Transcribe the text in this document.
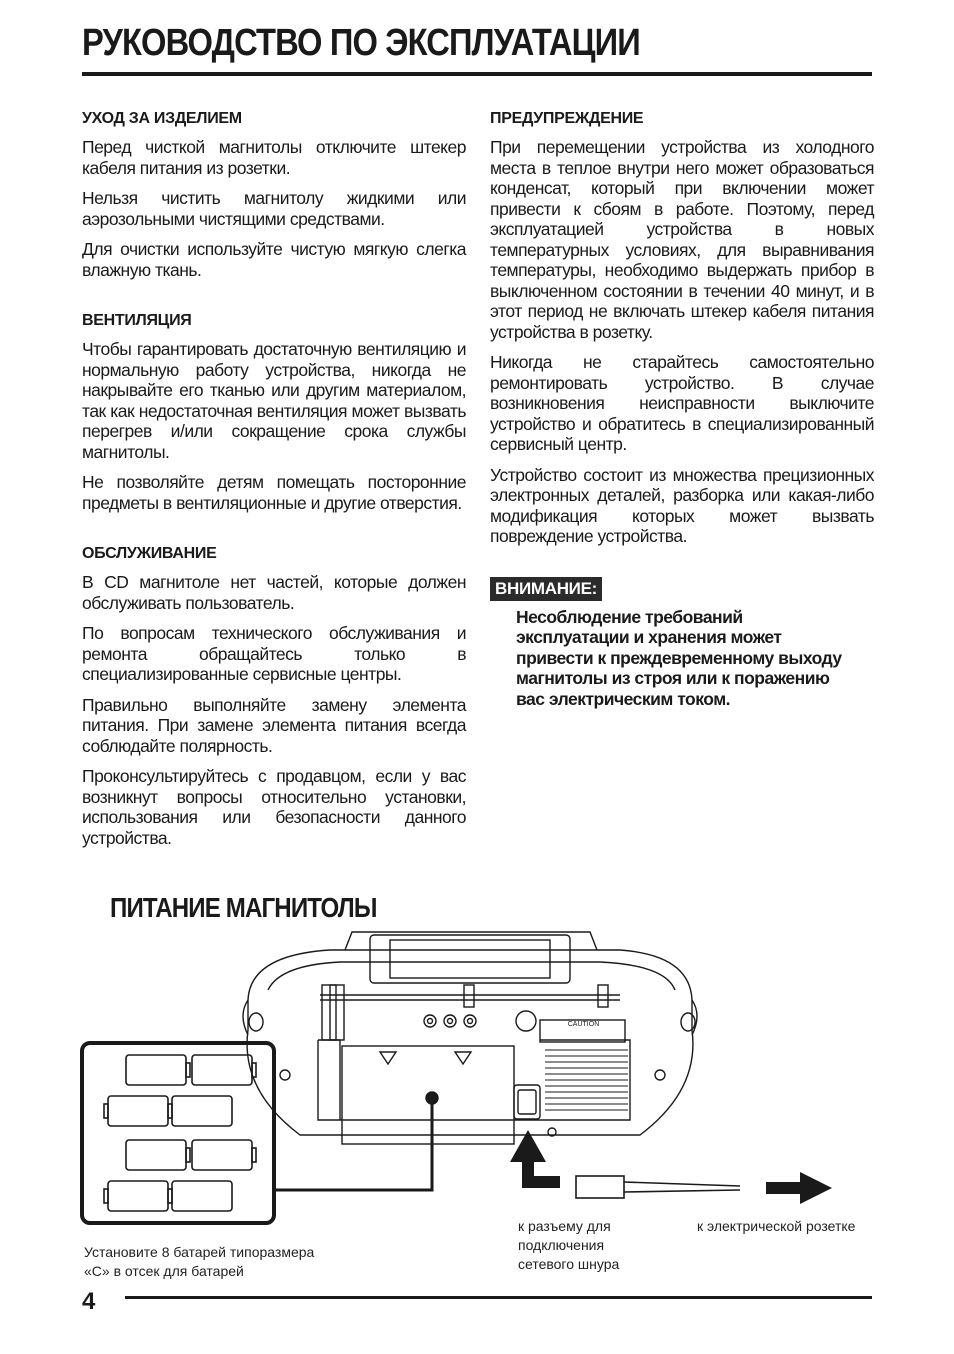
РУКОВОДСТВО ПО ЭКСПЛУАТАЦИИ
УХОД ЗА ИЗДЕЛИЕМ

Перед чисткой магнитолы отключите штекер кабеля питания из розетки.

Нельзя чистить магнитолу жидкими или аэрозольными чистящими средствами.

Для очистки используйте чистую мягкую слегка влажную ткань.

ВЕНТИЛЯЦИЯ

Чтобы гарантировать достаточную вентиляцию и нормальную работу устройства, никогда не накрывайте его тканью или другим материалом, так как недостаточная вентиляция может вызвать перегрев и/или сокращение срока службы магнитолы.

Не позволяйте детям помещать посторонние предметы в вентиляционные и другие отверстия.

ОБСЛУЖИВАНИЕ

В CD магнитоле нет частей, которые должен обслуживать пользователь.

По вопросам технического обслуживания и ремонта обращайтесь только в специализированные сервисные центры.

Правильно выполняйте замену элемента питания. При замене элемента питания всегда соблюдайте полярность.

Проконсультируйтесь с продавцом, если у вас возникнут вопросы относительно установки, использования или безопасности данного устройства.

ПРЕДУПРЕЖДЕНИЕ

При перемещении устройства из холодного места в теплое внутри него может образоваться конденсат, который при включении может привести к сбоям в работе. Поэтому, перед эксплуатацией устройства в новых температурных условиях, для выравнивания температуры, необходимо выдержать прибор в выключенном состоянии в течении 40 минут, и в этот период не включать штекер кабеля питания устройства в розетку.

Никогда не старайтесь самостоятельно ремонтировать устройство. В случае возникновения неисправности выключите устройство и обратитесь в специализированный сервисный центр.

Устройство состоит из множества прецизионных электронных деталей, разборка или какая-либо модификация которых может вызвать повреждение устройства.

ВНИМАНИЕ:
Несоблюдение требований эксплуатации и хранения может привести к преждевременному выходу магнитолы из строя или к поражению вас электрическим током.
ПИТАНИЕ МАГНИТОЛЫ
CAUTION
Установите 8 батарей типоразмера
«С» в отсек для батарей
к разъему для
подключения
сетевого шнура
к электрической розетке
4
